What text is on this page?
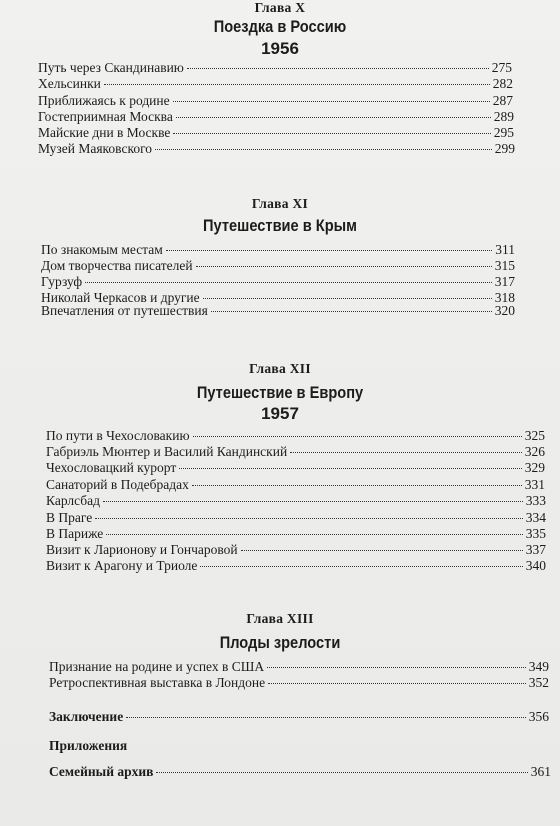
Глава X
Поездка в Россию
1956
Путь через Скандинавию	275
Хельсинки	282
Приближаясь к родине	287
Гостеприимная Москва	289
Майские дни в Москве	295
Музей Маяковского	299
Глава XI
Путешествие в Крым
По знакомым местам	311
Дом творчества писателей	315
Гурзуф	317
Николай Черкасов и другие	318
Впечатления от путешествия	320
Глава XII
Путешествие в Европу
1957
По пути в Чехословакию	325
Габриэль Мюнтер и Василий Кандинский	326
Чехословацкий курорт	329
Санаторий в Подебрадах	331
Карлсбад	333
В Праге	334
В Париже	335
Визит к Ларионову и Гончаровой	337
Визит к Арагону и Триоле	340
Глава XIII
Плоды зрелости
Признание на родине и успех в США	349
Ретроспективная выставка в Лондоне	352
Заключение	356
Приложения
Семейный архив	361
